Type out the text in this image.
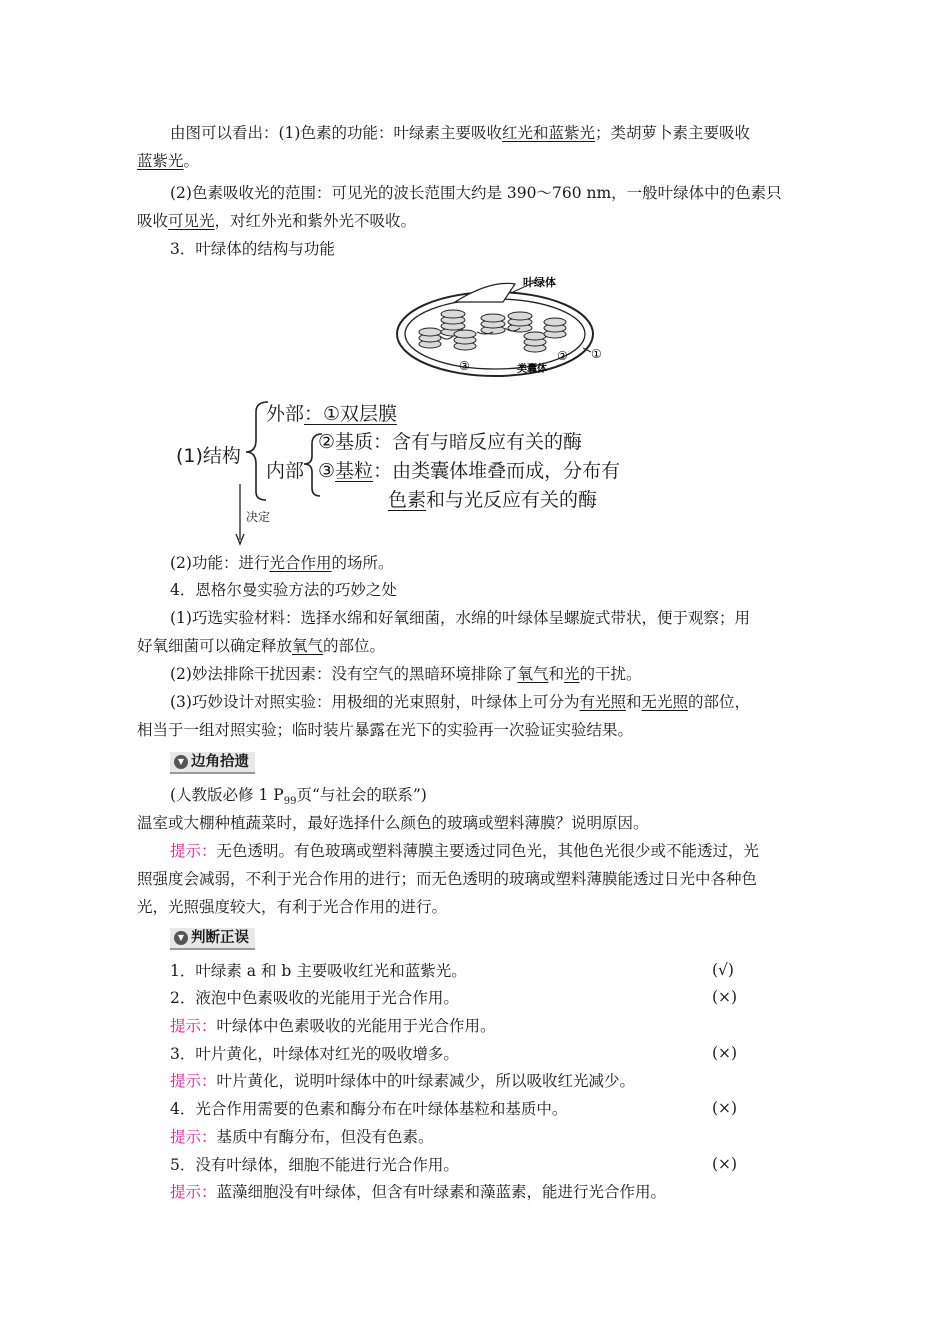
由图可以看出：(1)色素的功能：叶绿素主要吸收红光和蓝紫光；类胡萝卜素主要吸收
蓝紫光。
(2)色素吸收光的范围：可见光的波长范围大约是 390～760 nm，一般叶绿体中的色素只
吸收可见光，对红外光和紫外光不吸收。
3．叶绿体的结构与功能
叶绿体
类囊体
③
② ①
(1)结构
外部：①双层膜
内部
②基质：含有与暗反应有关的酶
③基粒：由类囊体堆叠而成，分布有
色素和与光反应有关的酶
决定
(2)功能：进行光合作用的场所。
4．恩格尔曼实验方法的巧妙之处
(1)巧选实验材料：选择水绵和好氧细菌，水绵的叶绿体呈螺旋式带状，便于观察；用
好氧细菌可以确定释放氧气的部位。
(2)妙法排除干扰因素：没有空气的黑暗环境排除了氧气和光的干扰。
(3)巧妙设计对照实验：用极细的光束照射，叶绿体上可分为有光照和无光照的部位，
相当于一组对照实验；临时装片暴露在光下的实验再一次验证实验结果。
▼ 边角拾遗
(人教版必修 1 $P_{99}$页“与社会的联系”)
温室或大棚种植蔬菜时，最好选择什么颜色的玻璃或塑料薄膜？说明原因。
提示：无色透明。有色玻璃或塑料薄膜主要透过同色光，其他色光很少或不能透过，光
照强度会减弱，不利于光合作用的进行；而无色透明的玻璃或塑料薄膜能透过日光中各种色
光，光照强度较大，有利于光合作用的进行。
▼ 判断正误
1．叶绿素 a 和 b 主要吸收红光和蓝紫光。	(√)
2．液泡中色素吸收的光能用于光合作用。	(×)
提示：叶绿体中色素吸收的光能用于光合作用。
3．叶片黄化，叶绿体对红光的吸收增多。	(×)
提示：叶片黄化，说明叶绿体中的叶绿素减少，所以吸收红光减少。
4．光合作用需要的色素和酶分布在叶绿体基粒和基质中。	(×)
提示：基质中有酶分布，但没有色素。
5．没有叶绿体，细胞不能进行光合作用。	(×)
提示：蓝藻细胞没有叶绿体，但含有叶绿素和藻蓝素，能进行光合作用。
